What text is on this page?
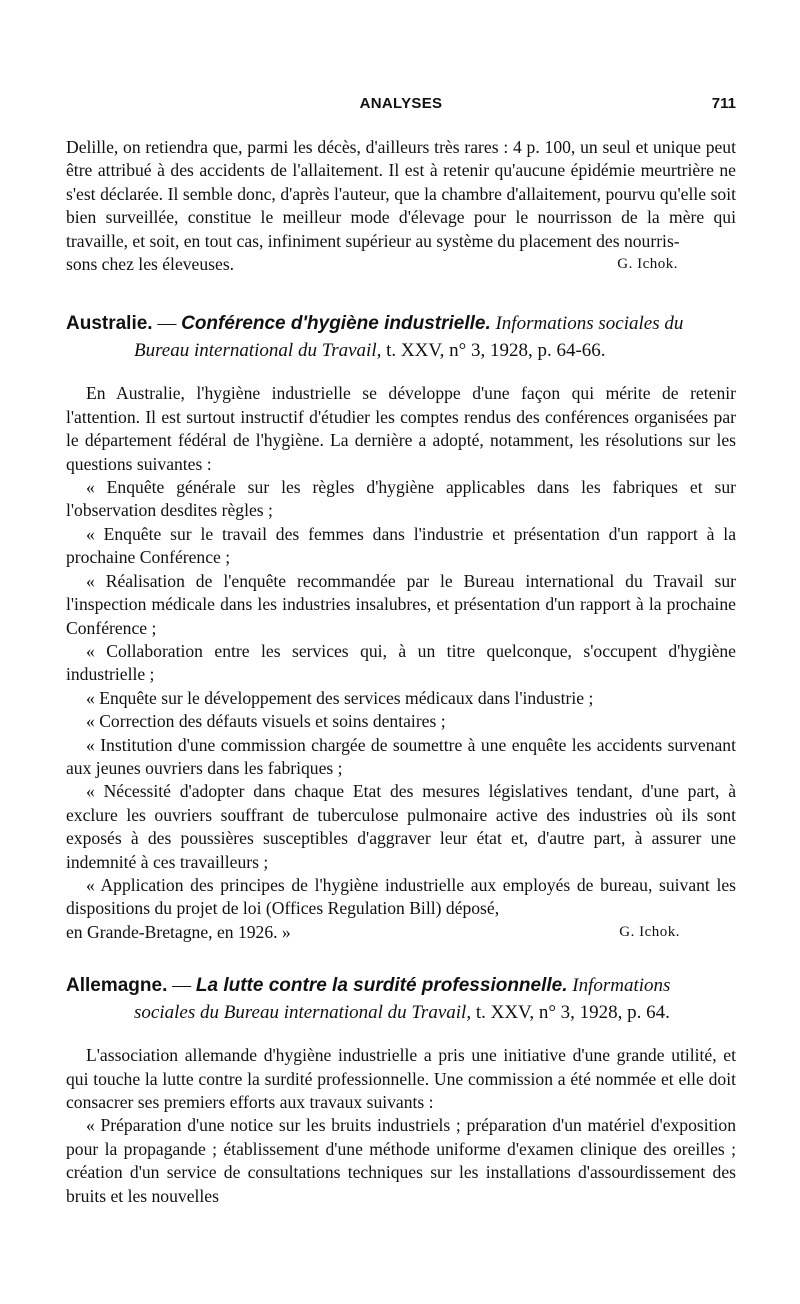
ANALYSES	711

Delille, on retiendra que, parmi les décès, d'ailleurs très rares : 4 p. 100, un seul et unique peut être attribué à des accidents de l'allaitement. Il est à retenir qu'aucune épidémie meurtrière ne s'est déclarée. Il semble donc, d'après l'auteur, que la chambre d'allaitement, pourvu qu'elle soit bien surveillée, constitue le meilleur mode d'élevage pour le nourrisson de la mère qui travaille, et soit, en tout cas, infiniment supérieur au système du placement des nourris-

sons chez les éleveuses.	G. Ichok.
Australie. — Conférence d'hygiène industrielle. Informations sociales du Bureau international du Travail, t. XXV, n° 3, 1928, p. 64-66.

En Australie, l'hygiène industrielle se développe d'une façon qui mérite de retenir l'attention. Il est surtout instructif d'étudier les comptes rendus des conférences organisées par le département fédéral de l'hygiène. La dernière a adopté, notamment, les résolutions sur les questions suivantes :

« Enquête générale sur les règles d'hygiène applicables dans les fabriques et sur l'observation desdites règles ;

« Enquête sur le travail des femmes dans l'industrie et présentation d'un rapport à la prochaine Conférence ;

« Réalisation de l'enquête recommandée par le Bureau international du Travail sur l'inspection médicale dans les industries insalubres, et présentation d'un rapport à la prochaine Conférence ;

« Collaboration entre les services qui, à un titre quelconque, s'occupent d'hygiène industrielle ;

« Enquête sur le développement des services médicaux dans l'industrie ;

« Correction des défauts visuels et soins dentaires ;

« Institution d'une commission chargée de soumettre à une enquête les accidents survenant aux jeunes ouvriers dans les fabriques ;

« Nécessité d'adopter dans chaque Etat des mesures législatives tendant, d'une part, à exclure les ouvriers souffrant de tuberculose pulmonaire active des industries où ils sont exposés à des poussières susceptibles d'aggraver leur état et, d'autre part, à assurer une indemnité à ces travailleurs ;

« Application des principes de l'hygiène industrielle aux employés de bureau, suivant les dispositions du projet de loi (Offices Regulation Bill) déposé,

en Grande-Bretagne, en 1926. »	G. Ichok.
Allemagne. — La lutte contre la surdité professionnelle. Informations sociales du Bureau international du Travail, t. XXV, n° 3, 1928, p. 64.

L'association allemande d'hygiène industrielle a pris une initiative d'une grande utilité, et qui touche la lutte contre la surdité professionnelle. Une commission a été nommée et elle doit consacrer ses premiers efforts aux travaux suivants :

« Préparation d'une notice sur les bruits industriels ; préparation d'un matériel d'exposition pour la propagande ; établissement d'une méthode uniforme d'examen clinique des oreilles ; création d'un service de consultations techniques sur les installations d'assourdissement des bruits et les nouvelles
